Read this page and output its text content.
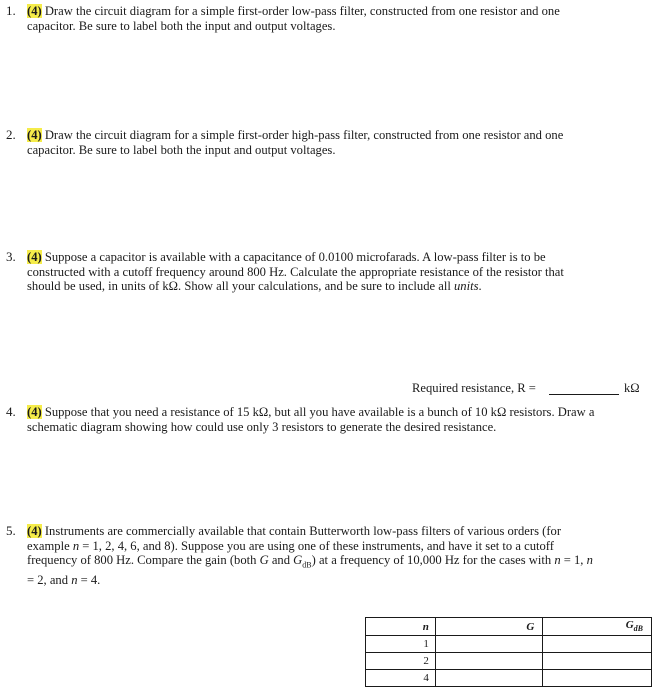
1. (4) Draw the circuit diagram for a simple first-order low-pass filter, constructed from one resistor and one

capacitor. Be sure to label both the input and output voltages.

2. (4) Draw the circuit diagram for a simple first-order high-pass filter, constructed from one resistor and one

capacitor. Be sure to label both the input and output voltages.

3. (4) Suppose a capacitor is available with a capacitance of 0.0100 microfarads. A low-pass filter is to be

constructed with a cutoff frequency around 800 Hz. Calculate the appropriate resistance of the resistor that

should be used, in units of kΩ. Show all your calculations, and be sure to include all units.

Required resistance, R =	kΩ
4. (4) Suppose that you need a resistance of 15 kΩ, but all you have available is a bunch of 10 kΩ resistors. Draw a

schematic diagram showing how could use only 3 resistors to generate the desired resistance.

5. (4) Instruments are commercially available that contain Butterworth low-pass filters of various orders (for

example n = 1, 2, 4, 6, and 8). Suppose you are using one of these instruments, and have it set to a cutoff

frequency of 800 Hz. Compare the gain (both G and $G_{dB}$) at a frequency of 10,000 Hz for the cases with n = 1, n

= 2, and n = 4.

n	G	$G_{dB}$
1		
2		
4		
